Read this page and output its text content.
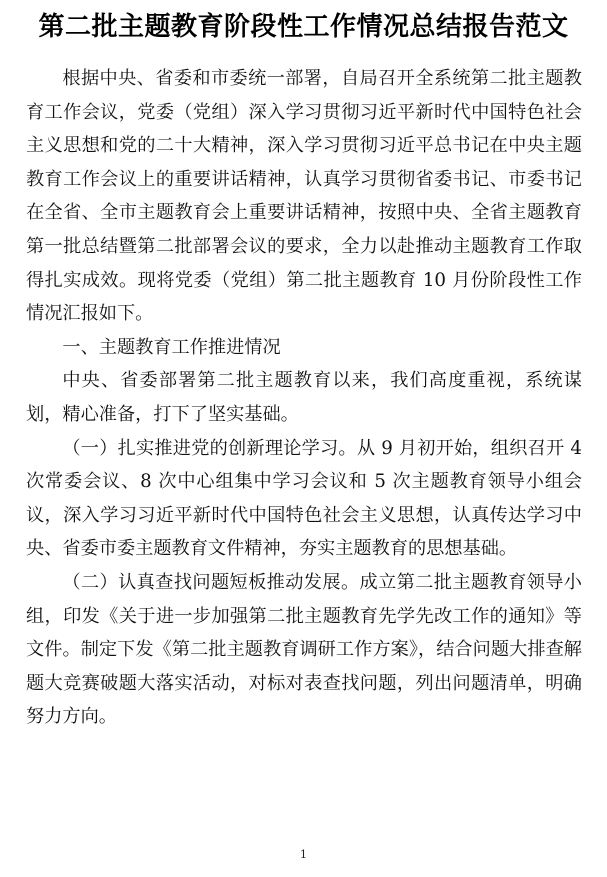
第二批主题教育阶段性工作情况总结报告范文

根据中央、省委和市委统一部署，自局召开全系统第二批主题教育工作会议，党委（党组）深入学习贯彻习近平新时代中国特色社会主义思想和党的二十大精神，深入学习贯彻习近平总书记在中央主题教育工作会议上的重要讲话精神，认真学习贯彻省委书记、市委书记在全省、全市主题教育会上重要讲话精神，按照中央、全省主题教育第一批总结暨第二批部署会议的要求，全力以赴推动主题教育工作取得扎实成效。现将党委（党组）第二批主题教育 10 月份阶段性工作情况汇报如下。

一、主题教育工作推进情况

中央、省委部署第二批主题教育以来，我们高度重视，系统谋划，精心准备，打下了坚实基础。

（一）扎实推进党的创新理论学习。从 9 月初开始，组织召开 4 次常委会议、8 次中心组集中学习会议和 5 次主题教育领导小组会议，深入学习习近平新时代中国特色社会主义思想，认真传达学习中央、省委市委主题教育文件精神，夯实主题教育的思想基础。

（二）认真查找问题短板推动发展。成立第二批主题教育领导小组，印发《关于进一步加强第二批主题教育先学先改工作的通知》等文件。制定下发《第二批主题教育调研工作方案》，结合问题大排查解题大竞赛破题大落实活动，对标对表查找问题，列出问题清单，明确努力方向。

1
